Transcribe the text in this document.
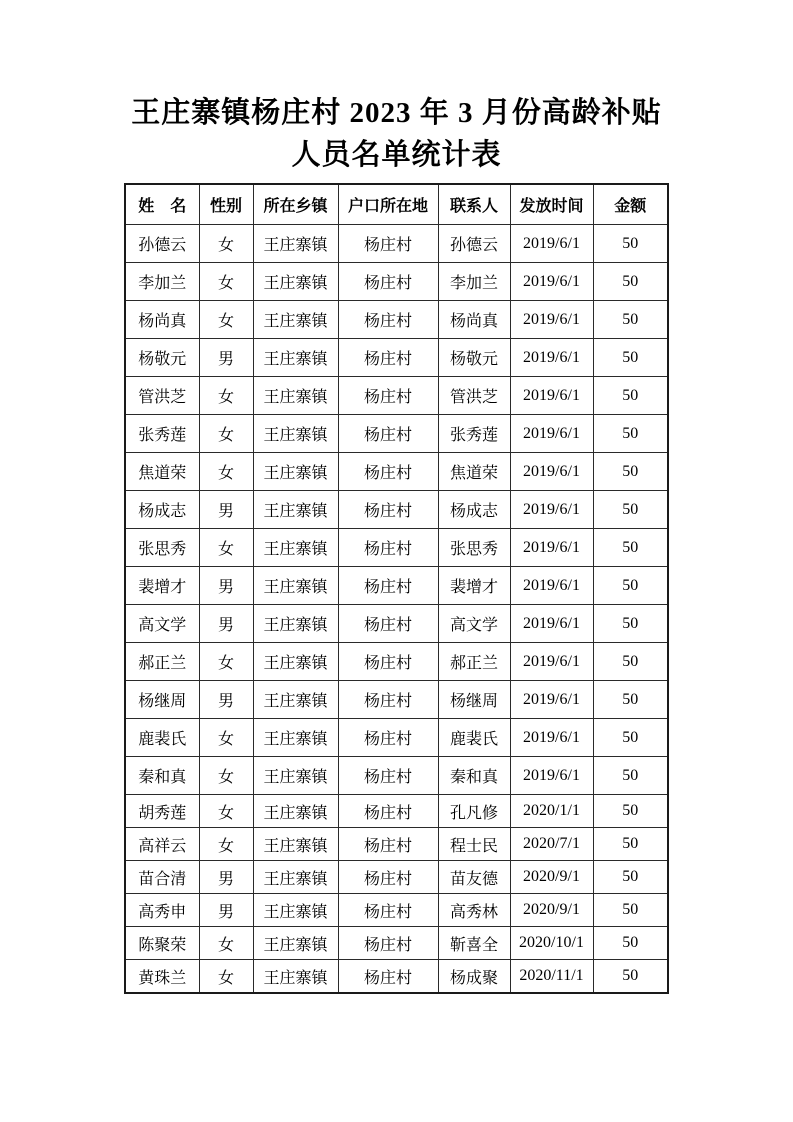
王庄寨镇杨庄村 2023 年 3 月份高龄补贴
人员名单统计表
姓　名	性别	所在乡镇	户口所在地	联系人	发放时间	金额
孙德云	女	王庄寨镇	杨庄村	孙德云	2019/6/1	50
李加兰	女	王庄寨镇	杨庄村	李加兰	2019/6/1	50
杨尚真	女	王庄寨镇	杨庄村	杨尚真	2019/6/1	50
杨敬元	男	王庄寨镇	杨庄村	杨敬元	2019/6/1	50
管洪芝	女	王庄寨镇	杨庄村	管洪芝	2019/6/1	50
张秀莲	女	王庄寨镇	杨庄村	张秀莲	2019/6/1	50
焦道荣	女	王庄寨镇	杨庄村	焦道荣	2019/6/1	50
杨成志	男	王庄寨镇	杨庄村	杨成志	2019/6/1	50
张思秀	女	王庄寨镇	杨庄村	张思秀	2019/6/1	50
裴增才	男	王庄寨镇	杨庄村	裴增才	2019/6/1	50
高文学	男	王庄寨镇	杨庄村	高文学	2019/6/1	50
郝正兰	女	王庄寨镇	杨庄村	郝正兰	2019/6/1	50
杨继周	男	王庄寨镇	杨庄村	杨继周	2019/6/1	50
鹿裴氏	女	王庄寨镇	杨庄村	鹿裴氏	2019/6/1	50
秦和真	女	王庄寨镇	杨庄村	秦和真	2019/6/1	50
胡秀莲	女	王庄寨镇	杨庄村	孔凡修	2020/1/1	50
高祥云	女	王庄寨镇	杨庄村	程士民	2020/7/1	50
苗合清	男	王庄寨镇	杨庄村	苗友德	2020/9/1	50
高秀申	男	王庄寨镇	杨庄村	高秀林	2020/9/1	50
陈聚荣	女	王庄寨镇	杨庄村	靳喜全	2020/10/1	50
黄珠兰	女	王庄寨镇	杨庄村	杨成聚	2020/11/1	50
